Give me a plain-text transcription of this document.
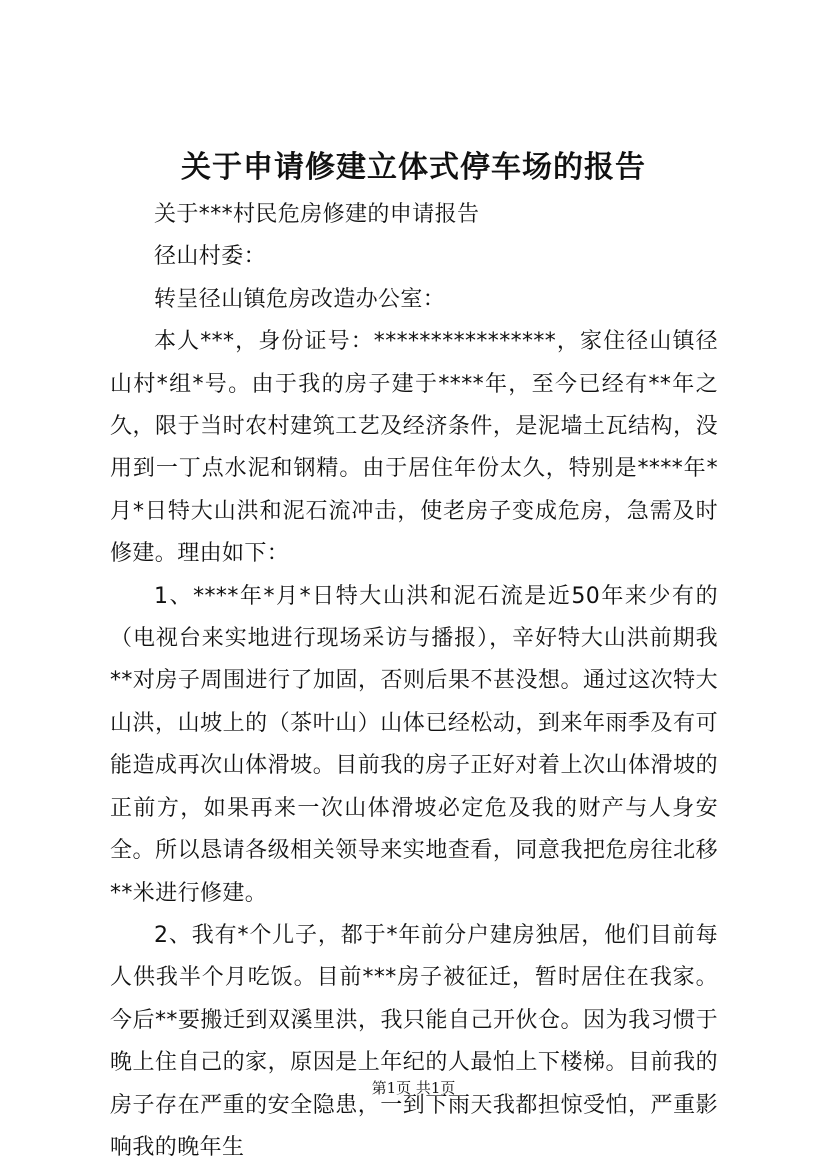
关于申请修建立体式停车场的报告

关于***村民危房修建的申请报告

径山村委：

转呈径山镇危房改造办公室：

本人***，身份证号：****************，家住径山镇径山村*组*号。由于我的房子建于****年，至今已经有**年之久，限于当时农村建筑工艺及经济条件，是泥墙土瓦结构，没用到一丁点水泥和钢精。由于居住年份太久，特别是****年*月*日特大山洪和泥石流冲击，使老房子变成危房，急需及时修建。理由如下：

1、****年*月*日特大山洪和泥石流是近50年来少有的（电视台来实地进行现场采访与播报），辛好特大山洪前期我**对房子周围进行了加固，否则后果不甚没想。通过这次特大山洪，山坡上的（茶叶山）山体已经松动，到来年雨季及有可能造成再次山体滑坡。目前我的房子正好对着上次山体滑坡的正前方，如果再来一次山体滑坡必定危及我的财产与人身安全。所以恳请各级相关领导来实地查看，同意我把危房往北移**米进行修建。

2、我有*个儿子，都于*年前分户建房独居，他们目前每人供我半个月吃饭。目前***房子被征迁，暂时居住在我家。今后**要搬迁到双溪里洪，我只能自己开伙仓。因为我习惯于晚上住自己的家，原因是上年纪的人最怕上下楼梯。目前我的房子存在严重的安全隐患，一到下雨天我都担惊受怕，严重影响我的晚年生

第1页 共1页
